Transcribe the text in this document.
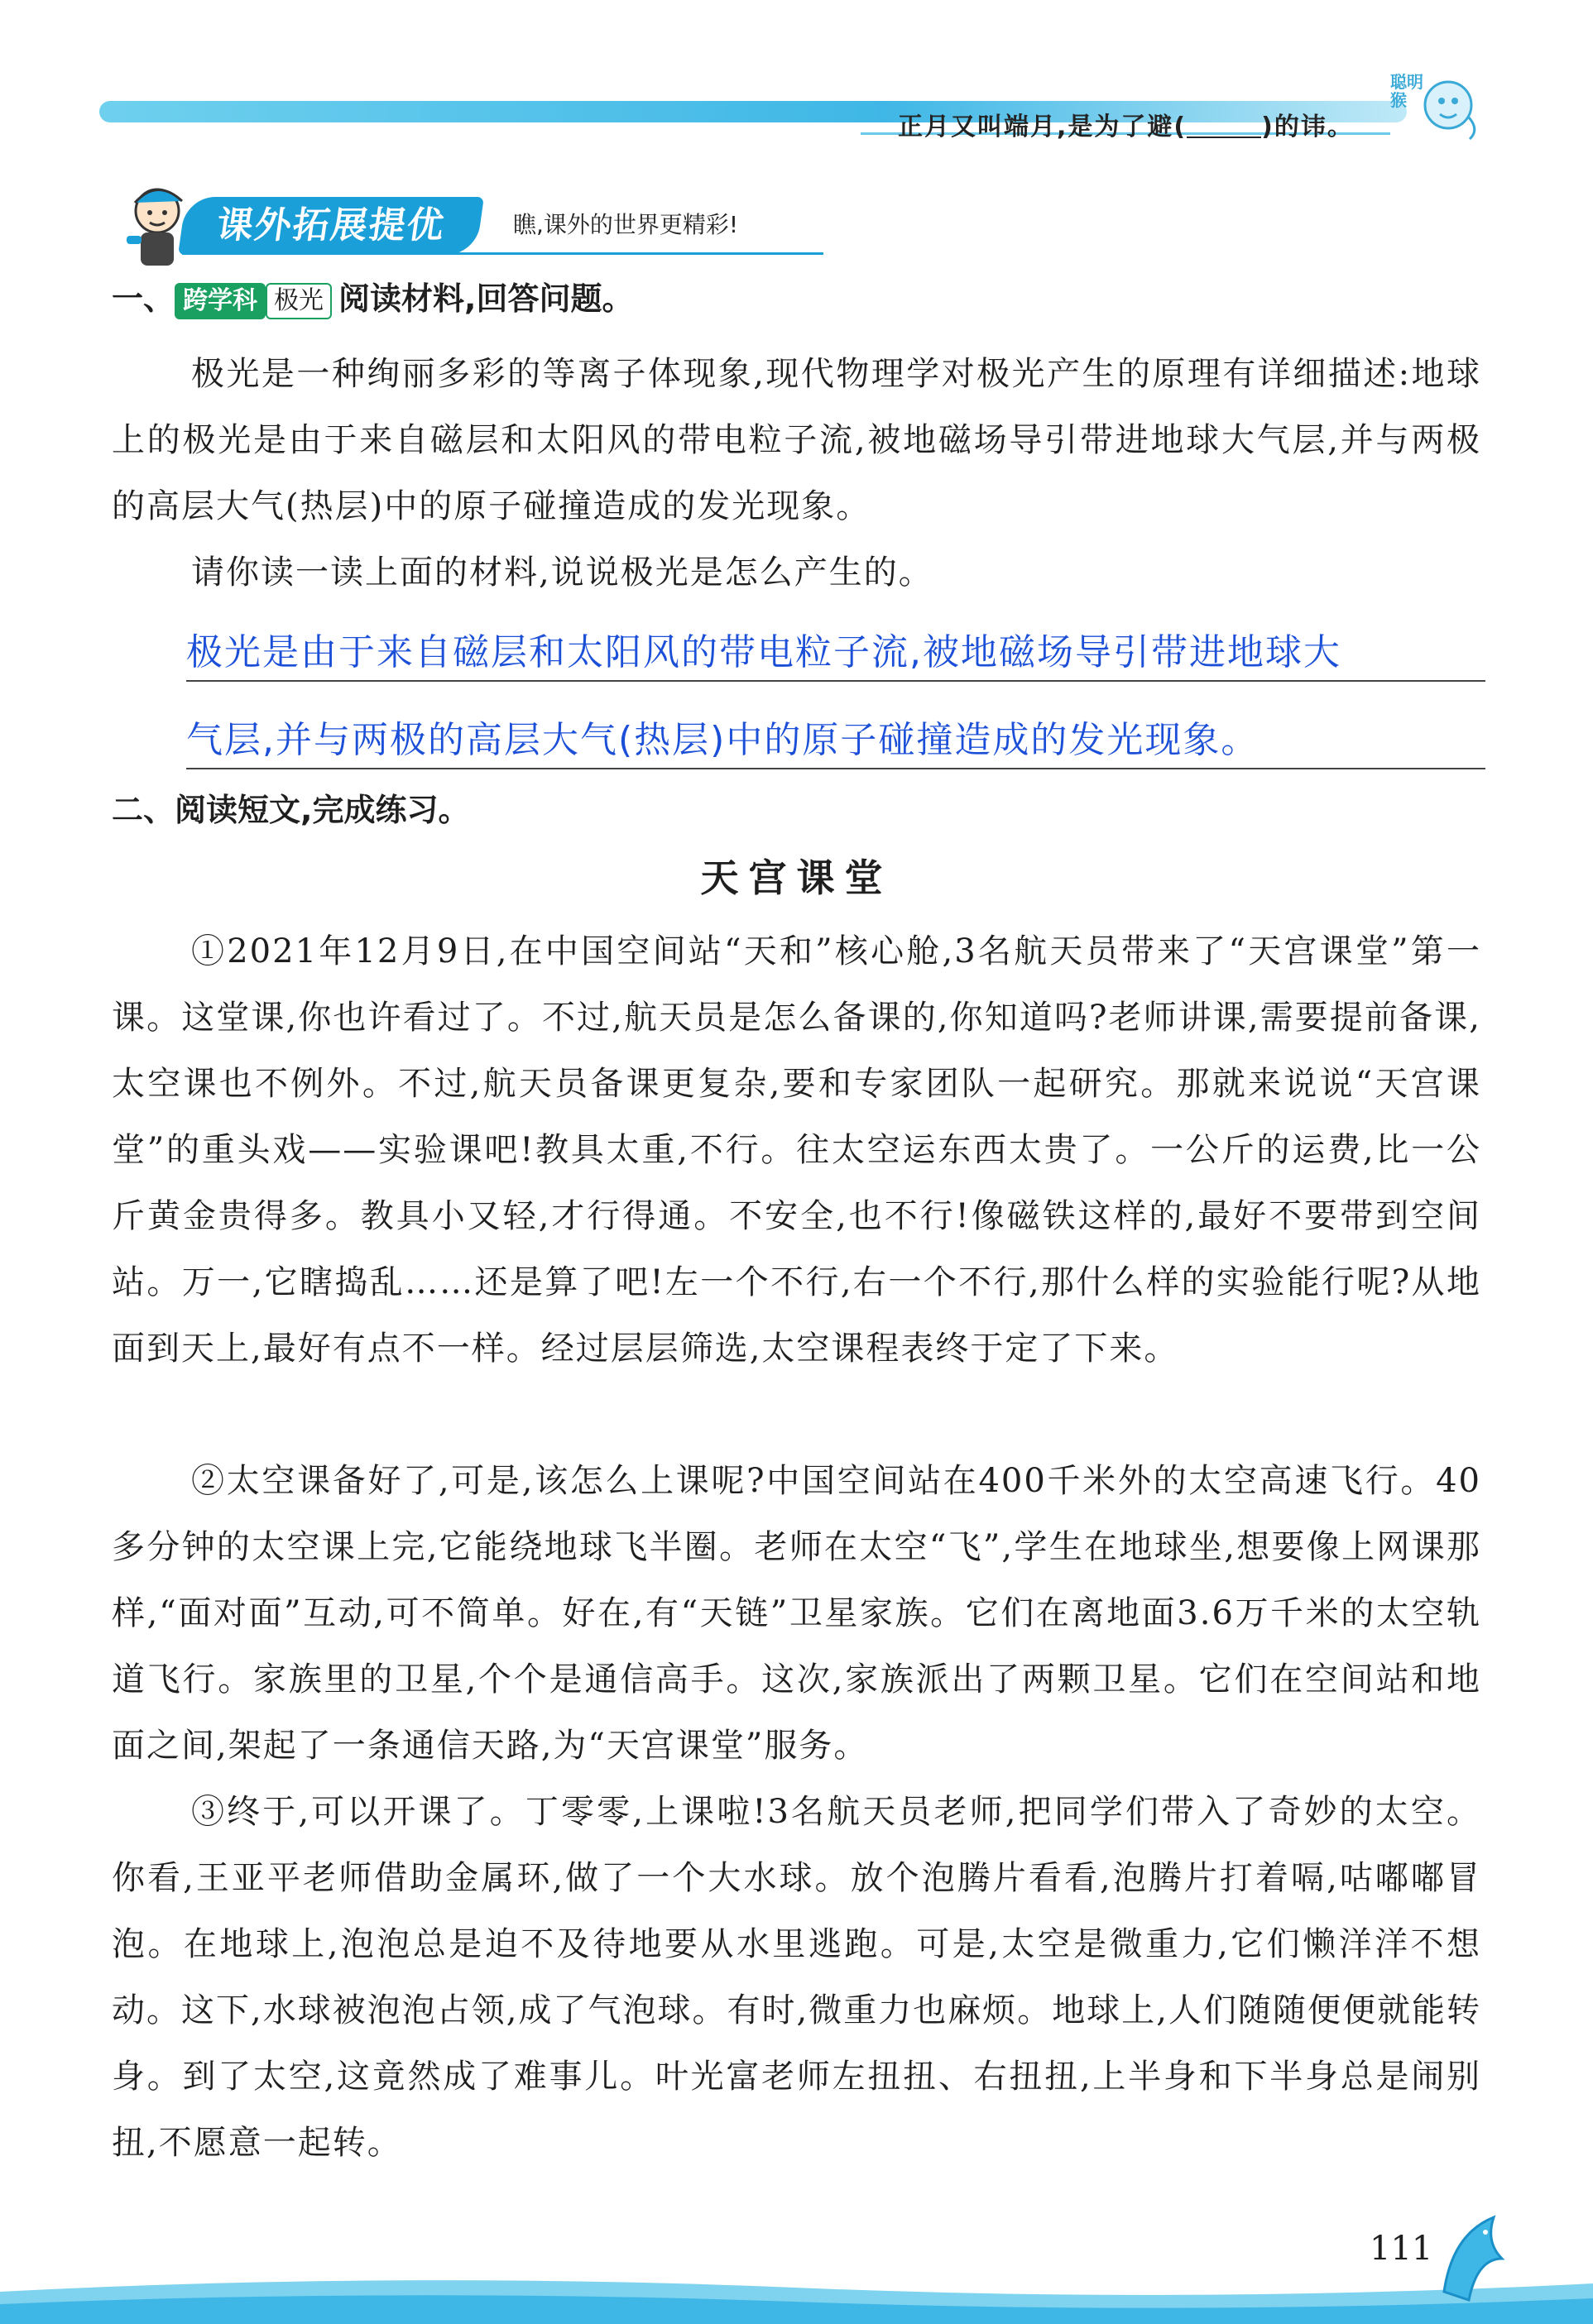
正月又叫端月,是为了避(	)的讳。
聪明猴
课外拓展提优	瞧,课外的世界更精彩!
一、 跨学科 极光 阅读材料,回答问题。
极光是一种绚丽多彩的等离子体现象,现代物理学对极光产生的原理有详细描述:地球上的极光是由于来自磁层和太阳风的带电粒子流,被地磁场导引带进地球大气层,并与两极的高层大气(热层)中的原子碰撞造成的发光现象。
请你读一读上面的材料,说说极光是怎么产生的。
极光是由于来自磁层和太阳风的带电粒子流,被地磁场导引带进地球大
气层,并与两极的高层大气(热层)中的原子碰撞造成的发光现象。
二、阅读短文,完成练习。
天宫课堂
①2021年12月9日,在中国空间站“天和”核心舱,3名航天员带来了“天宫课堂”第一课。这堂课,你也许看过了。不过,航天员是怎么备课的,你知道吗?老师讲课,需要提前备课,太空课也不例外。不过,航天员备课更复杂,要和专家团队一起研究。那就来说说“天宫课堂”的重头戏——实验课吧!教具太重,不行。往太空运东西太贵了。一公斤的运费,比一公斤黄金贵得多。教具小又轻,才行得通。不安全,也不行!像磁铁这样的,最好不要带到空间站。万一,它瞎捣乱……还是算了吧!左一个不行,右一个不行,那什么样的实验能行呢?从地面到天上,最好有点不一样。经过层层筛选,太空课程表终于定了下来。
②太空课备好了,可是,该怎么上课呢?中国空间站在400千米外的太空高速飞行。40多分钟的太空课上完,它能绕地球飞半圈。老师在太空“飞”,学生在地球坐,想要像上网课那样,“面对面”互动,可不简单。好在,有“天链”卫星家族。它们在离地面3.6万千米的太空轨道飞行。家族里的卫星,个个是通信高手。这次,家族派出了两颗卫星。它们在空间站和地面之间,架起了一条通信天路,为“天宫课堂”服务。
③终于,可以开课了。丁零零,上课啦!3名航天员老师,把同学们带入了奇妙的太空。你看,王亚平老师借助金属环,做了一个大水球。放个泡腾片看看,泡腾片打着嗝,咕嘟嘟冒泡。在地球上,泡泡总是迫不及待地要从水里逃跑。可是,太空是微重力,它们懒洋洋不想动。这下,水球被泡泡占领,成了气泡球。有时,微重力也麻烦。地球上,人们随随便便就能转身。到了太空,这竟然成了难事儿。叶光富老师左扭扭、右扭扭,上半身和下半身总是闹别扭,不愿意一起转。
111
